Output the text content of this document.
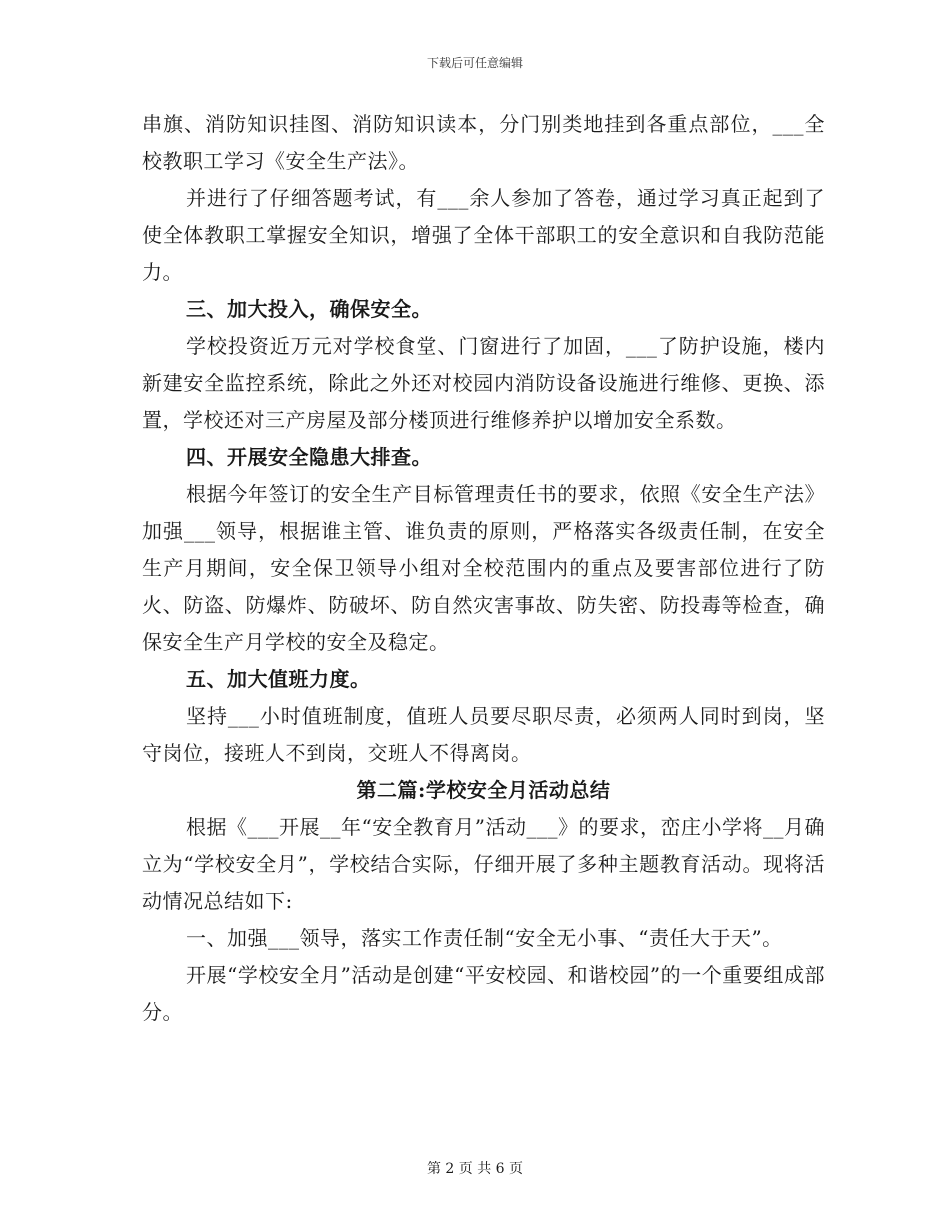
下载后可任意编辑

串旗、消防知识挂图、消防知识读本，分门别类地挂到各重点部位，___全校教职工学习《安全生产法》。

并进行了仔细答题考试，有___余人参加了答卷，通过学习真正起到了使全体教职工掌握安全知识，增强了全体干部职工的安全意识和自我防范能力。

三、加大投入，确保安全。

学校投资近万元对学校食堂、门窗进行了加固，___了防护设施，楼内新建安全监控系统，除此之外还对校园内消防设备设施进行维修、更换、添置，学校还对三产房屋及部分楼顶进行维修养护以增加安全系数。

四、开展安全隐患大排查。

根据今年签订的安全生产目标管理责任书的要求，依照《安全生产法》加强___领导，根据谁主管、谁负责的原则，严格落实各级责任制，在安全生产月期间，安全保卫领导小组对全校范围内的重点及要害部位进行了防火、防盗、防爆炸、防破坏、防自然灾害事故、防失密、防投毒等检查，确保安全生产月学校的安全及稳定。

五、加大值班力度。

坚持___小时值班制度，值班人员要尽职尽责，必须两人同时到岗，坚守岗位，接班人不到岗，交班人不得离岗。

第二篇:学校安全月活动总结

根据《___开展__年“安全教育月”活动___》的要求，峦庄小学将__月确立为“学校安全月”，学校结合实际，仔细开展了多种主题教育活动。现将活动情况总结如下:

一、加强___领导，落实工作责任制“安全无小事、“责任大于天”。

开展“学校安全月”活动是创建“平安校园、和谐校园”的一个重要组成部分。

第 2 页 共 6 页
